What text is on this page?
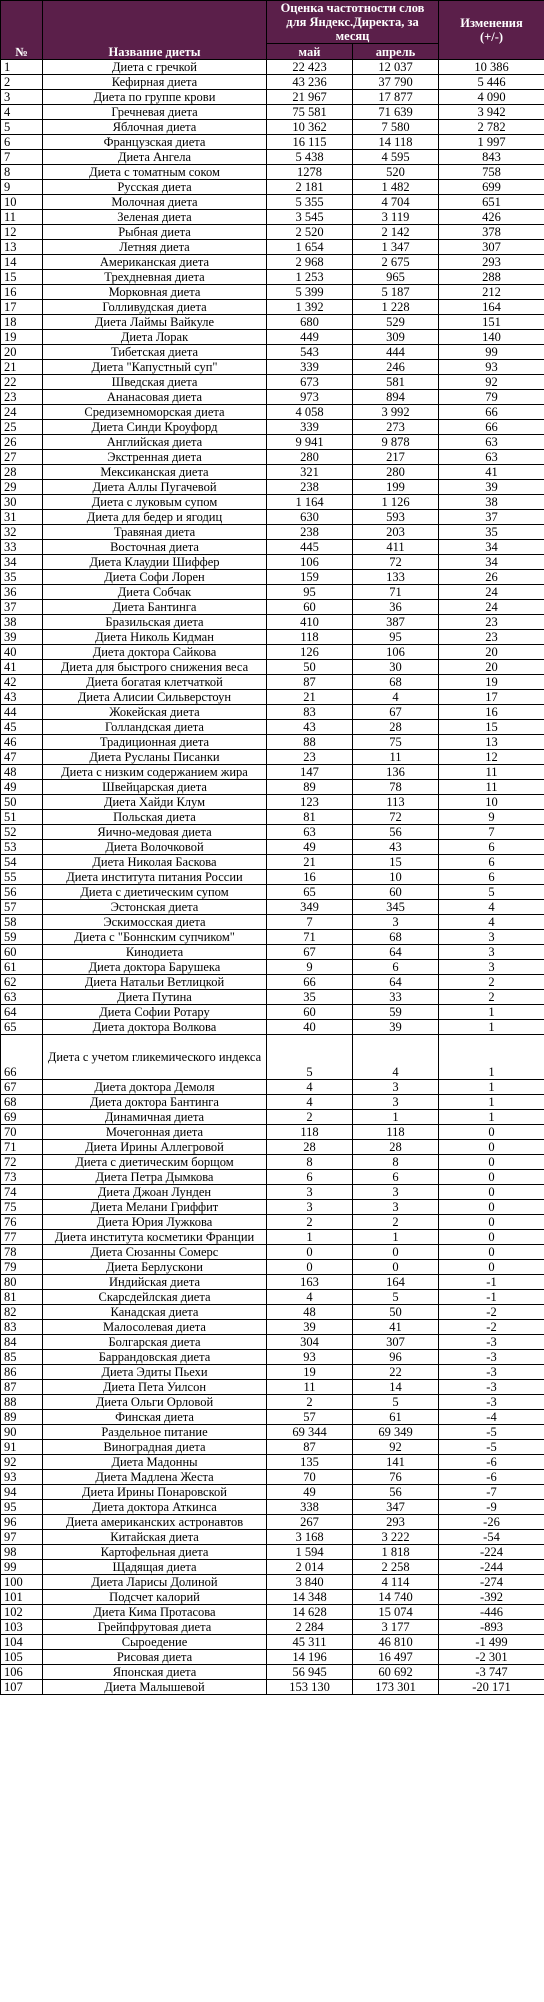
№	Название диеты	Оценка частотности слов для Яндекс.Директа, за месяц		Изменения
(+/-)
		май	апрель	
1	Диета с гречкой	22 423	12 037	10 386
2	Кефирная диета	43 236	37 790	5 446
3	Диета по группе крови	21 967	17 877	4 090
4	Гречневая диета	75 581	71 639	3 942
5	Яблочная диета	10 362	7 580	2 782
6	Французская диета	16 115	14 118	1 997
7	Диета Ангела	5 438	4 595	843
8	Диета с томатным соком	1278	520	758
9	Русская диета	2 181	1 482	699
10	Молочная диета	5 355	4 704	651
11	Зеленая диета	3 545	3 119	426
12	Рыбная диета	2 520	2 142	378
13	Летняя диета	1 654	1 347	307
14	Американская диета	2 968	2 675	293
15	Трехдневная диета	1 253	965	288
16	Морковная диета	5 399	5 187	212
17	Голливудская диета	1 392	1 228	164
18	Диета Лаймы Вайкуле	680	529	151
19	Диета Лорак	449	309	140
20	Тибетская диета	543	444	99
21	Диета "Капустный суп"	339	246	93
22	Шведская диета	673	581	92
23	Ананасовая диета	973	894	79
24	Средиземноморская диета	4 058	3 992	66
25	Диета Синди Кроуфорд	339	273	66
26	Английская диета	9 941	9 878	63
27	Экстренная диета	280	217	63
28	Мексиканская диета	321	280	41
29	Диета Аллы Пугачевой	238	199	39
30	Диета с луковым супом	1 164	1 126	38
31	Диета для бедер и ягодиц	630	593	37
32	Травяная диета	238	203	35
33	Восточная диета	445	411	34
34	Диета Клаудии Шиффер	106	72	34
35	Диета Софи Лорен	159	133	26
36	Диета Собчак	95	71	24
37	Диета Бантинга	60	36	24
38	Бразильская диета	410	387	23
39	Диета Николь Кидман	118	95	23
40	Диета доктора Сайкова	126	106	20
41	Диета для быстрого снижения веса	50	30	20
42	Диета богатая клетчаткой	87	68	19
43	Диета Алисии Сильверстоун	21	4	17
44	Жокейская диета	83	67	16
45	Голландская диета	43	28	15
46	Традиционная диета	88	75	13
47	Диета Русланы Писанки	23	11	12
48	Диета с низким содержанием жира	147	136	11
49	Швейцарская диета	89	78	11
50	Диета Хайди Клум	123	113	10
51	Польская диета	81	72	9
52	Яично-медовая диета	63	56	7
53	Диета Волочковой	49	43	6
54	Диета Николая Баскова	21	15	6
55	Диета института питания России	16	10	6
56	Диета с диетическим супом	65	60	5
57	Эстонская диета	349	345	4
58	Эскимосская диета	7	3	4
59	Диета с "Боннским супчиком"	71	68	3
60	Кинодиета	67	64	3
61	Диета доктора Барушека	9	6	3
62	Диета Натальи Ветлицкой	66	64	2
63	Диета Путина	35	33	2
64	Диета Софии Ротару	60	59	1
65	Диета доктора Волкова	40	39	1
66	Диета с учетом гликемического индекса	5	4	1
67	Диета доктора Демоля	4	3	1
68	Диета доктора Бантинга	4	3	1
69	Динамичная диета	2	1	1
70	Мочегонная диета	118	118	0
71	Диета Ирины Аллегровой	28	28	0
72	Диета с диетическим борщом	8	8	0
73	Диета Петра Дымкова	6	6	0
74	Диета Джоан Лунден	3	3	0
75	Диета Мелани Гриффит	3	3	0
76	Диета Юрия Лужкова	2	2	0
77	Диета института косметики Франции	1	1	0
78	Диета Сюзанны Сомерс	0	0	0
79	Диета Берлускони	0	0	0
80	Индийская диета	163	164	-1
81	Скарсдейлская диета	4	5	-1
82	Канадская диета	48	50	-2
83	Малосолевая диета	39	41	-2
84	Болгарская диета	304	307	-3
85	Баррандовская диета	93	96	-3
86	Диета Эдиты Пьехи	19	22	-3
87	Диета Пета Уилсон	11	14	-3
88	Диета Ольги Орловой	2	5	-3
89	Финская диета	57	61	-4
90	Раздельное питание	69 344	69 349	-5
91	Виноградная диета	87	92	-5
92	Диета Мадонны	135	141	-6
93	Диета Мадлена Жеста	70	76	-6
94	Диета Ирины Понаровской	49	56	-7
95	Диета доктора Аткинса	338	347	-9
96	Диета американских астронавтов	267	293	-26
97	Китайская диета	3 168	3 222	-54
98	Картофельная диета	1 594	1 818	-224
99	Щадящая диета	2 014	2 258	-244
100	Диета Ларисы Долиной	3 840	4 114	-274
101	Подсчет калорий	14 348	14 740	-392
102	Диета Кима Протасова	14 628	15 074	-446
103	Грейпфрутовая диета	2 284	3 177	-893
104	Сыроедение	45 311	46 810	-1 499
105	Рисовая диета	14 196	16 497	-2 301
106	Японская диета	56 945	60 692	-3 747
107	Диета Малышевой	153 130	173 301	-20 171
